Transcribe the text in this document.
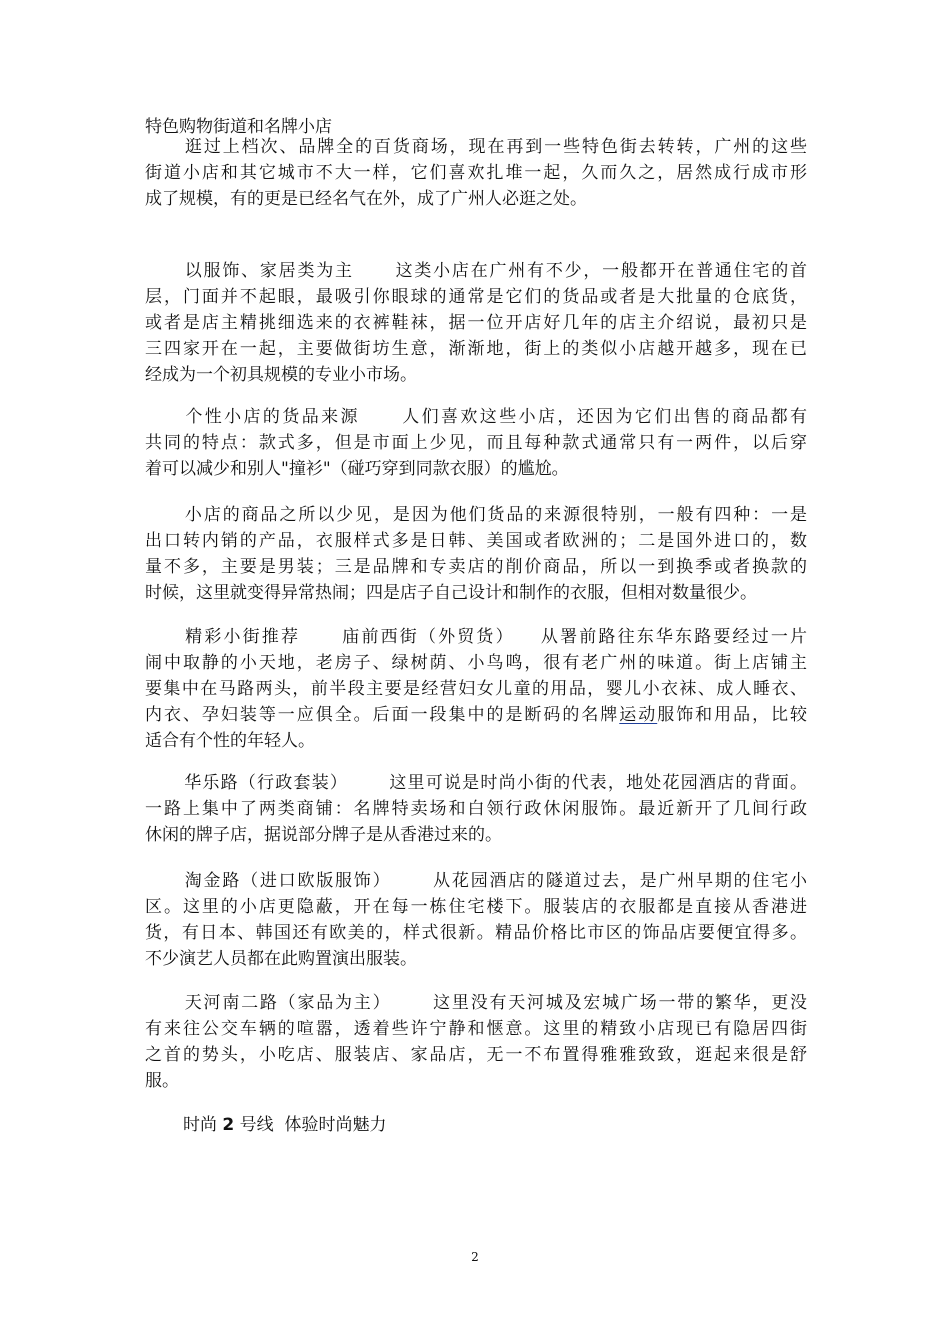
特色购物街道和名牌小店
逛过上档次、品牌全的百货商场，现在再到一些特色街去转转，广州的这些
街道小店和其它城市不大一样，它们喜欢扎堆一起，久而久之，居然成行成市形
成了规模，有的更是已经名气在外，成了广州人必逛之处。
以服饰、家居类为主 这类小店在广州有不少，一般都开在普通住宅的首
层，门面并不起眼，最吸引你眼球的通常是它们的货品或者是大批量的仓底货，
或者是店主精挑细选来的衣裤鞋袜，据一位开店好几年的店主介绍说，最初只是
三四家开在一起，主要做街坊生意，渐渐地，街上的类似小店越开越多，现在已
经成为一个初具规模的专业小市场。
个性小店的货品来源 人们喜欢这些小店，还因为它们出售的商品都有
共同的特点：款式多，但是市面上少见，而且每种款式通常只有一两件，以后穿
着可以减少和别人"撞衫"（碰巧穿到同款衣服）的尴尬。
小店的商品之所以少见，是因为他们货品的来源很特别，一般有四种：一是
出口转内销的产品，衣服样式多是日韩、美国或者欧洲的；二是国外进口的，数
量不多，主要是男装；三是品牌和专卖店的削价商品，所以一到换季或者换款的
时候，这里就变得异常热闹；四是店子自己设计和制作的衣服，但相对数量很少。
精彩小街推荐 庙前西街（外贸货） 从署前路往东华东路要经过一片
闹中取静的小天地，老房子、绿树荫、小鸟鸣，很有老广州的味道。街上店铺主
要集中在马路两头，前半段主要是经营妇女儿童的用品，婴儿小衣袜、成人睡衣、
内衣、孕妇装等一应俱全。后面一段集中的是断码的名牌运动服饰和用品，比较
适合有个性的年轻人。
华乐路（行政套装） 这里可说是时尚小街的代表，地处花园酒店的背面。
一路上集中了两类商铺：名牌特卖场和白领行政休闲服饰。最近新开了几间行政
休闲的牌子店，据说部分牌子是从香港过来的。
淘金路（进口欧版服饰） 从花园酒店的隧道过去，是广州早期的住宅小
区。这里的小店更隐蔽，开在每一栋住宅楼下。服装店的衣服都是直接从香港进
货，有日本、韩国还有欧美的，样式很新。精品价格比市区的饰品店要便宜得多。
不少演艺人员都在此购置演出服装。
天河南二路（家品为主） 这里没有天河城及宏城广场一带的繁华，更没
有来往公交车辆的喧嚣，透着些许宁静和惬意。这里的精致小店现已有隐居四街
之首的势头，小吃店、服装店、家品店，无一不布置得雅雅致致，逛起来很是舒
服。
时尚 2 号线 体验时尚魅力
2
